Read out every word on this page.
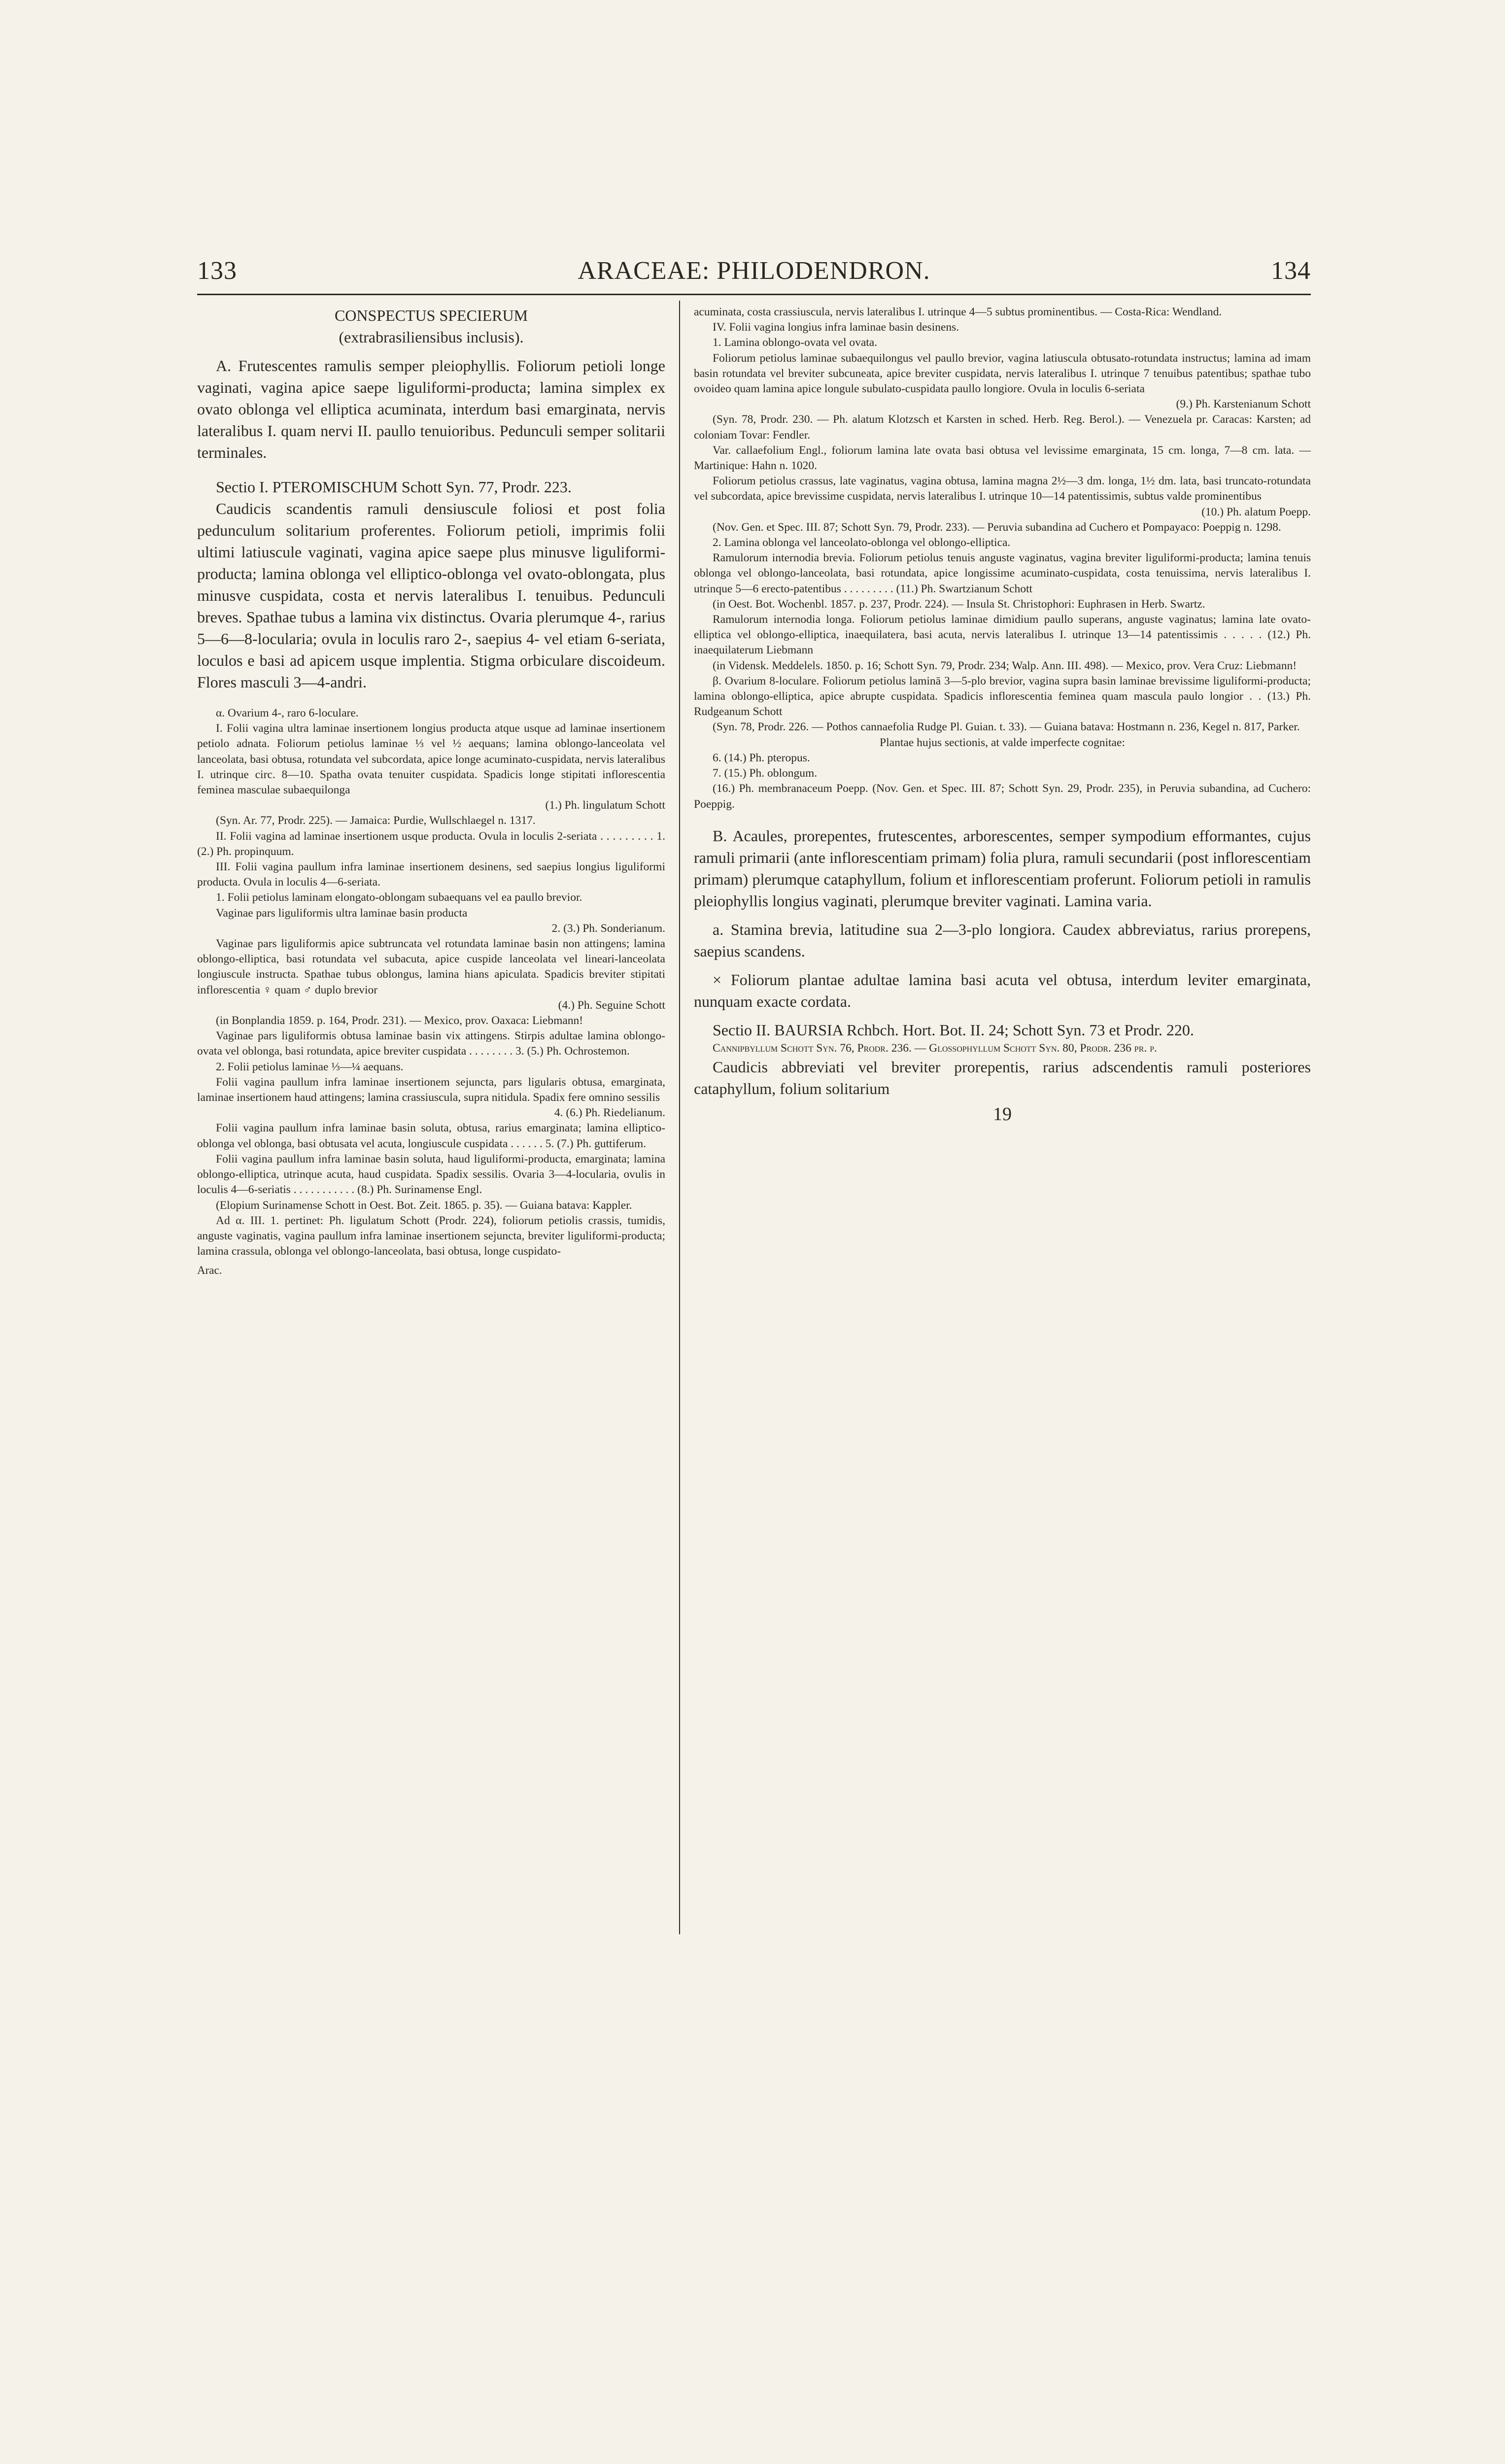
133	ARACEAE: PHILODENDRON.	134

CONSPECTUS SPECIERUM

(extrabrasiliensibus inclusis).

A. Frutescentes ramulis semper pleiophyllis. Foliorum petioli longe vaginati, vagina apice saepe liguliformi-producta; lamina simplex ex ovato oblonga vel elliptica acuminata, interdum basi emarginata, nervis lateralibus I. quam nervi II. paullo tenuioribus. Pedunculi semper solitarii terminales.

Sectio I. PTEROMISCHUM Schott Syn. 77, Prodr. 223.

Caudicis scandentis ramuli densiuscule foliosi et post folia pedunculum solitarium proferentes. Foliorum petioli, imprimis folii ultimi latiuscule vaginati, vagina apice saepe plus minusve liguliformi-producta; lamina oblonga vel elliptico-oblonga vel ovato-oblongata, plus minusve cuspidata, costa et nervis lateralibus I. tenuibus. Pedunculi breves. Spathae tubus a lamina vix distinctus. Ovaria plerumque 4-, rarius 5—6—8-locularia; ovula in loculis raro 2-, saepius 4- vel etiam 6-seriata, loculos e basi ad apicem usque implentia. Stigma orbiculare discoideum. Flores masculi 3—4-andri.

α. Ovarium 4-, raro 6-loculare.

I. Folii vagina ultra laminae insertionem longius producta atque usque ad laminae insertionem petiolo adnata. Foliorum petiolus laminae ⅓ vel ½ aequans; lamina oblongo-lanceolata vel lanceolata, basi obtusa, rotundata vel subcordata, apice longe acuminato-cuspidata, nervis lateralibus I. utrinque circ. 8—10. Spatha ovata tenuiter cuspidata. Spadicis longe stipitati inflorescentia feminea masculae subaequilonga

(1.) Ph. lingulatum Schott

(Syn. Ar. 77, Prodr. 225). — Jamaica: Purdie, Wullschlaegel n. 1317.

II. Folii vagina ad laminae insertionem usque producta. Ovula in loculis 2-seriata . . . . . . . . . 1. (2.) Ph. propinquum.

III. Folii vagina paullum infra laminae insertionem desinens, sed saepius longius liguliformi producta. Ovula in loculis 4—6-seriata.

1. Folii petiolus laminam elongato-oblongam subaequans vel ea paullo brevior.

Vaginae pars liguliformis ultra laminae basin producta

2. (3.) Ph. Sonderianum.

Vaginae pars liguliformis apice subtruncata vel rotundata laminae basin non attingens; lamina oblongo-elliptica, basi rotundata vel subacuta, apice cuspide lanceolata vel lineari-lanceolata longiuscule instructa. Spathae tubus oblongus, lamina hians apiculata. Spadicis breviter stipitati inflorescentia ♀ quam ♂ duplo brevior

(4.) Ph. Seguine Schott

(in Bonplandia 1859. p. 164, Prodr. 231). — Mexico, prov. Oaxaca: Liebmann!

Vaginae pars liguliformis obtusa laminae basin vix attingens. Stirpis adultae lamina oblongo-ovata vel oblonga, basi rotundata, apice breviter cuspidata . . . . . . . . 3. (5.) Ph. Ochrostemon.

2. Folii petiolus laminae ⅓—¼ aequans.

Folii vagina paullum infra laminae insertionem sejuncta, pars ligularis obtusa, emarginata, laminae insertionem haud attingens; lamina crassiuscula, supra nitidula. Spadix fere omnino sessilis

4. (6.) Ph. Riedelianum.

Folii vagina paullum infra laminae basin soluta, obtusa, rarius emarginata; lamina elliptico-oblonga vel oblonga, basi obtusata vel acuta, longiuscule cuspidata . . . . . . 5. (7.) Ph. guttiferum.

Folii vagina paullum infra laminae basin soluta, haud liguliformi-producta, emarginata; lamina oblongo-elliptica, utrinque acuta, haud cuspidata. Spadix sessilis. Ovaria 3—4-locularia, ovulis in loculis 4—6-seriatis . . . . . . . . . . . (8.) Ph. Surinamense Engl.

(Elopium Surinamense Schott in Oest. Bot. Zeit. 1865. p. 35). — Guiana batava: Kappler.

Ad α. III. 1. pertinet: Ph. ligulatum Schott (Prodr. 224), foliorum petiolis crassis, tumidis, anguste vaginatis, vagina paullum infra laminae insertionem sejuncta, breviter liguliformi-producta; lamina crassula, oblonga vel oblongo-lanceolata, basi obtusa, longe cuspidato-

Arac.

acuminata, costa crassiuscula, nervis lateralibus I. utrinque 4—5 subtus prominentibus. — Costa-Rica: Wendland.

IV. Folii vagina longius infra laminae basin desinens.

1. Lamina oblongo-ovata vel ovata.

Foliorum petiolus laminae subaequilongus vel paullo brevior, vagina latiuscula obtusato-rotundata instructus; lamina ad imam basin rotundata vel breviter subcuneata, apice breviter cuspidata, nervis lateralibus I. utrinque 7 tenuibus patentibus; spathae tubo ovoideo quam lamina apice longule subulato-cuspidata paullo longiore. Ovula in loculis 6-seriata

(9.) Ph. Karstenianum Schott

(Syn. 78, Prodr. 230. — Ph. alatum Klotzsch et Karsten in sched. Herb. Reg. Berol.). — Venezuela pr. Caracas: Karsten; ad coloniam Tovar: Fendler.

Var. callaefolium Engl., foliorum lamina late ovata basi obtusa vel levissime emarginata, 15 cm. longa, 7—8 cm. lata. — Martinique: Hahn n. 1020.

Foliorum petiolus crassus, late vaginatus, vagina obtusa, lamina magna 2½—3 dm. longa, 1½ dm. lata, basi truncato-rotundata vel subcordata, apice brevissime cuspidata, nervis lateralibus I. utrinque 10—14 patentissimis, subtus valde prominentibus

(10.) Ph. alatum Poepp.

(Nov. Gen. et Spec. III. 87; Schott Syn. 79, Prodr. 233). — Peruvia subandina ad Cuchero et Pompayaco: Poeppig n. 1298.

2. Lamina oblonga vel lanceolato-oblonga vel oblongo-elliptica.

Ramulorum internodia brevia. Foliorum petiolus tenuis anguste vaginatus, vagina breviter liguliformi-producta; lamina tenuis oblonga vel oblongo-lanceolata, basi rotundata, apice longissime acuminato-cuspidata, costa tenuissima, nervis lateralibus I. utrinque 5—6 erecto-patentibus . . . . . . . . . (11.) Ph. Swartzianum Schott

(in Oest. Bot. Wochenbl. 1857. p. 237, Prodr. 224). — Insula St. Christophori: Euphrasen in Herb. Swartz.

Ramulorum internodia longa. Foliorum petiolus laminae dimidium paullo superans, anguste vaginatus; lamina late ovato-elliptica vel oblongo-elliptica, inaequilatera, basi acuta, nervis lateralibus I. utrinque 13—14 patentissimis . . . . . (12.) Ph. inaequilaterum Liebmann

(in Vidensk. Meddelels. 1850. p. 16; Schott Syn. 79, Prodr. 234; Walp. Ann. III. 498). — Mexico, prov. Vera Cruz: Liebmann!

β. Ovarium 8-loculare. Foliorum petiolus laminā 3—5-plo brevior, vagina supra basin laminae brevissime liguliformi-producta; lamina oblongo-elliptica, apice abrupte cuspidata. Spadicis inflorescentia feminea quam mascula paulo longior . . (13.) Ph. Rudgeanum Schott

(Syn. 78, Prodr. 226. — Pothos cannaefolia Rudge Pl. Guian. t. 33). — Guiana batava: Hostmann n. 236, Kegel n. 817, Parker.

Plantae hujus sectionis, at valde imperfecte cognitae:

6. (14.) Ph. pteropus.

7. (15.) Ph. oblongum.

(16.) Ph. membranaceum Poepp. (Nov. Gen. et Spec. III. 87; Schott Syn. 29, Prodr. 235), in Peruvia subandina, ad Cuchero: Poeppig.

B. Acaules, prorepentes, frutescentes, arborescentes, semper sympodium efformantes, cujus ramuli primarii (ante inflorescentiam primam) folia plura, ramuli secundarii (post inflorescentiam primam) plerumque cataphyllum, folium et inflorescentiam proferunt. Foliorum petioli in ramulis pleiophyllis longius vaginati, plerumque breviter vaginati. Lamina varia.

a. Stamina brevia, latitudine sua 2—3-plo longiora. Caudex abbreviatus, rarius prorepens, saepius scandens.

× Foliorum plantae adultae lamina basi acuta vel obtusa, interdum leviter emarginata, nunquam exacte cordata.

Sectio II. BAURSIA Rchbch. Hort. Bot. II. 24; Schott Syn. 73 et Prodr. 220.

Cannipbyllum Schott Syn. 76, Prodr. 236. — Glossophyllum Schott Syn. 80, Prodr. 236 pr. p.

Caudicis abbreviati vel breviter prorepentis, rarius adscendentis ramuli posteriores cataphyllum, folium solitarium

19
